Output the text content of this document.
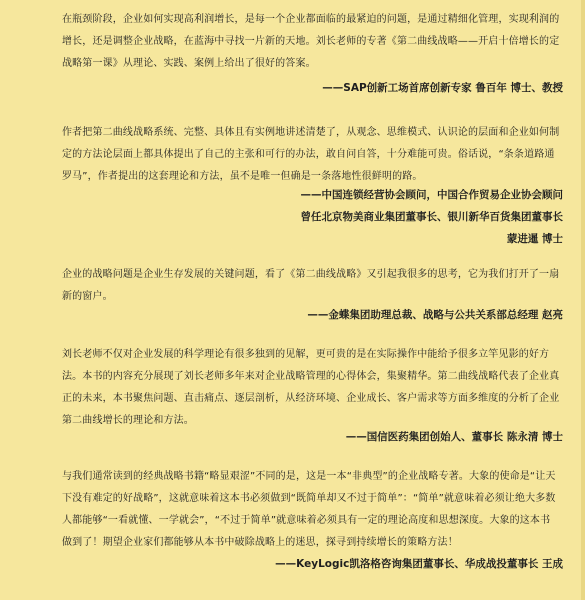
在瓶颈阶段，企业如何实现高利润增长，是每一个企业都面临的最紧迫的问题，是通过精细化管理，实现利润的增长，还是调整企业战略，在蓝海中寻找一片新的天地。刘长老师的专著《第二曲线战略——开启十倍增长的定战略第一课》从理论、实践、案例上给出了很好的答案。

——SAP创新工场首席创新专家 鲁百年 博士、教授

作者把第二曲线战略系统、完整、具体且有实例地讲述清楚了，从观念、思维模式、认识论的层面和企业如何制定的方法论层面上都具体提出了自己的主张和可行的办法，敢自问自答，十分难能可贵。俗话说，“条条道路通罗马”，作者提出的这套理论和方法，虽不是唯一但确是一条落地性很鲜明的路。

——中国连锁经营协会顾问，中国合作贸易企业协会顾问
曾任北京物美商业集团董事长、银川新华百货集团董事长
蒙进暹 博士

企业的战略问题是企业生存发展的关键问题，看了《第二曲线战略》又引起我很多的思考，它为我们打开了一扇新的窗户。

——金蝶集团助理总裁、战略与公共关系部总经理 赵亮

刘长老师不仅对企业发展的科学理论有很多独到的见解，更可贵的是在实际操作中能给予很多立竿见影的好方法。本书的内容充分展现了刘长老师多年来对企业战略管理的心得体会，集聚精华。第二曲线战略代表了企业真正的未来，本书聚焦问题、直击痛点、逐层剖析，从经济环境、企业成长、客户需求等方面多维度的分析了企业第二曲线增长的理论和方法。

——国信医药集团创始人、董事长 陈永清 博士

与我们通常读到的经典战略书籍“略显艰涩”不同的是，这是一本“非典型”的企业战略专著。大象的使命是“让天下没有难定的好战略”，这就意味着这本书必须做到“既简单却又不过于简单”：“简单”就意味着必须让绝大多数人都能够“一看就懂、一学就会”，“不过于简单”就意味着必须具有一定的理论高度和思想深度。大象的这本书做到了！期望企业家们都能够从本书中破除战略上的迷思，探寻到持续增长的策略方法！

——KeyLogic凯洛格咨询集团董事长、华成战投董事长 王成
